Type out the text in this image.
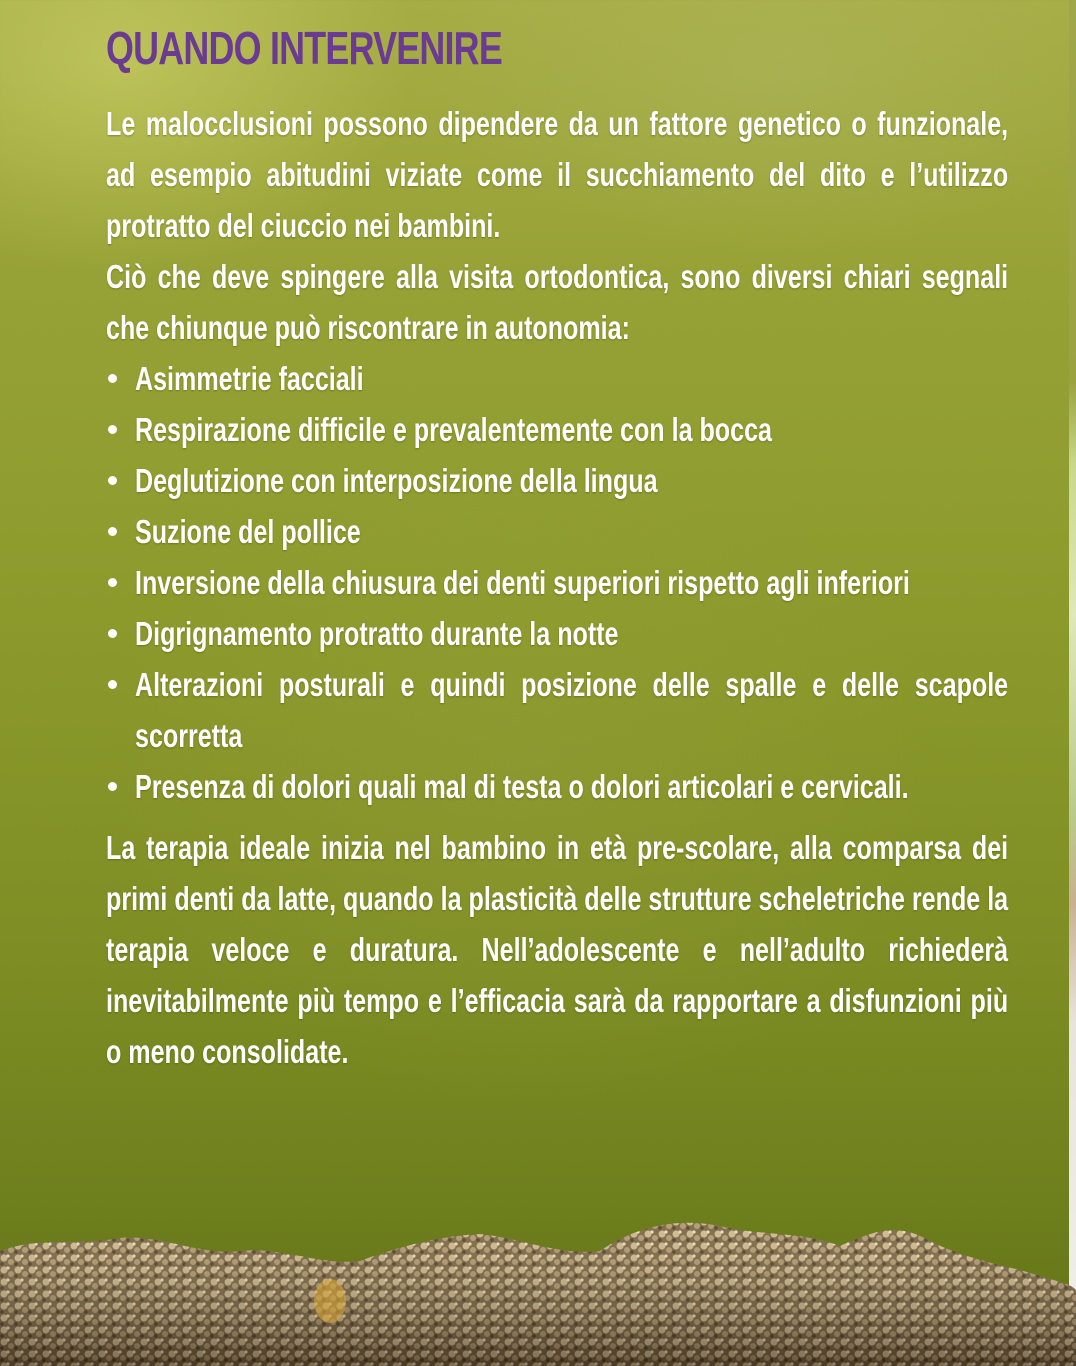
QUANDO INTERVENIRE

Le malocclusioni possono dipendere da un fattore genetico o funzionale, ad esempio abitudini viziate come il succhiamento del dito e l’utilizzo protratto del ciuccio nei bambini.

Ciò che deve spingere alla visita ortodontica, sono diversi chiari segnali che chiunque può riscontrare in autonomia:

Asimmetrie facciali
Respirazione difficile e prevalentemente con la bocca
Deglutizione con interposizione della lingua
Suzione del pollice
Inversione della chiusura dei denti superiori rispetto agli inferiori
Digrignamento protratto durante la notte
Alterazioni posturali e quindi posizione delle spalle e delle scapole scorretta
Presenza di dolori quali mal di testa o dolori articolari e cervicali.

La terapia ideale inizia nel bambino in età pre-scolare, alla comparsa dei primi denti da latte, quando la plasticità delle strutture scheletriche rende la terapia veloce e duratura. Nell’adolescente e nell’adulto richiederà inevitabilmente più tempo e l’efficacia sarà da rapportare a disfunzioni più o meno consolidate.
